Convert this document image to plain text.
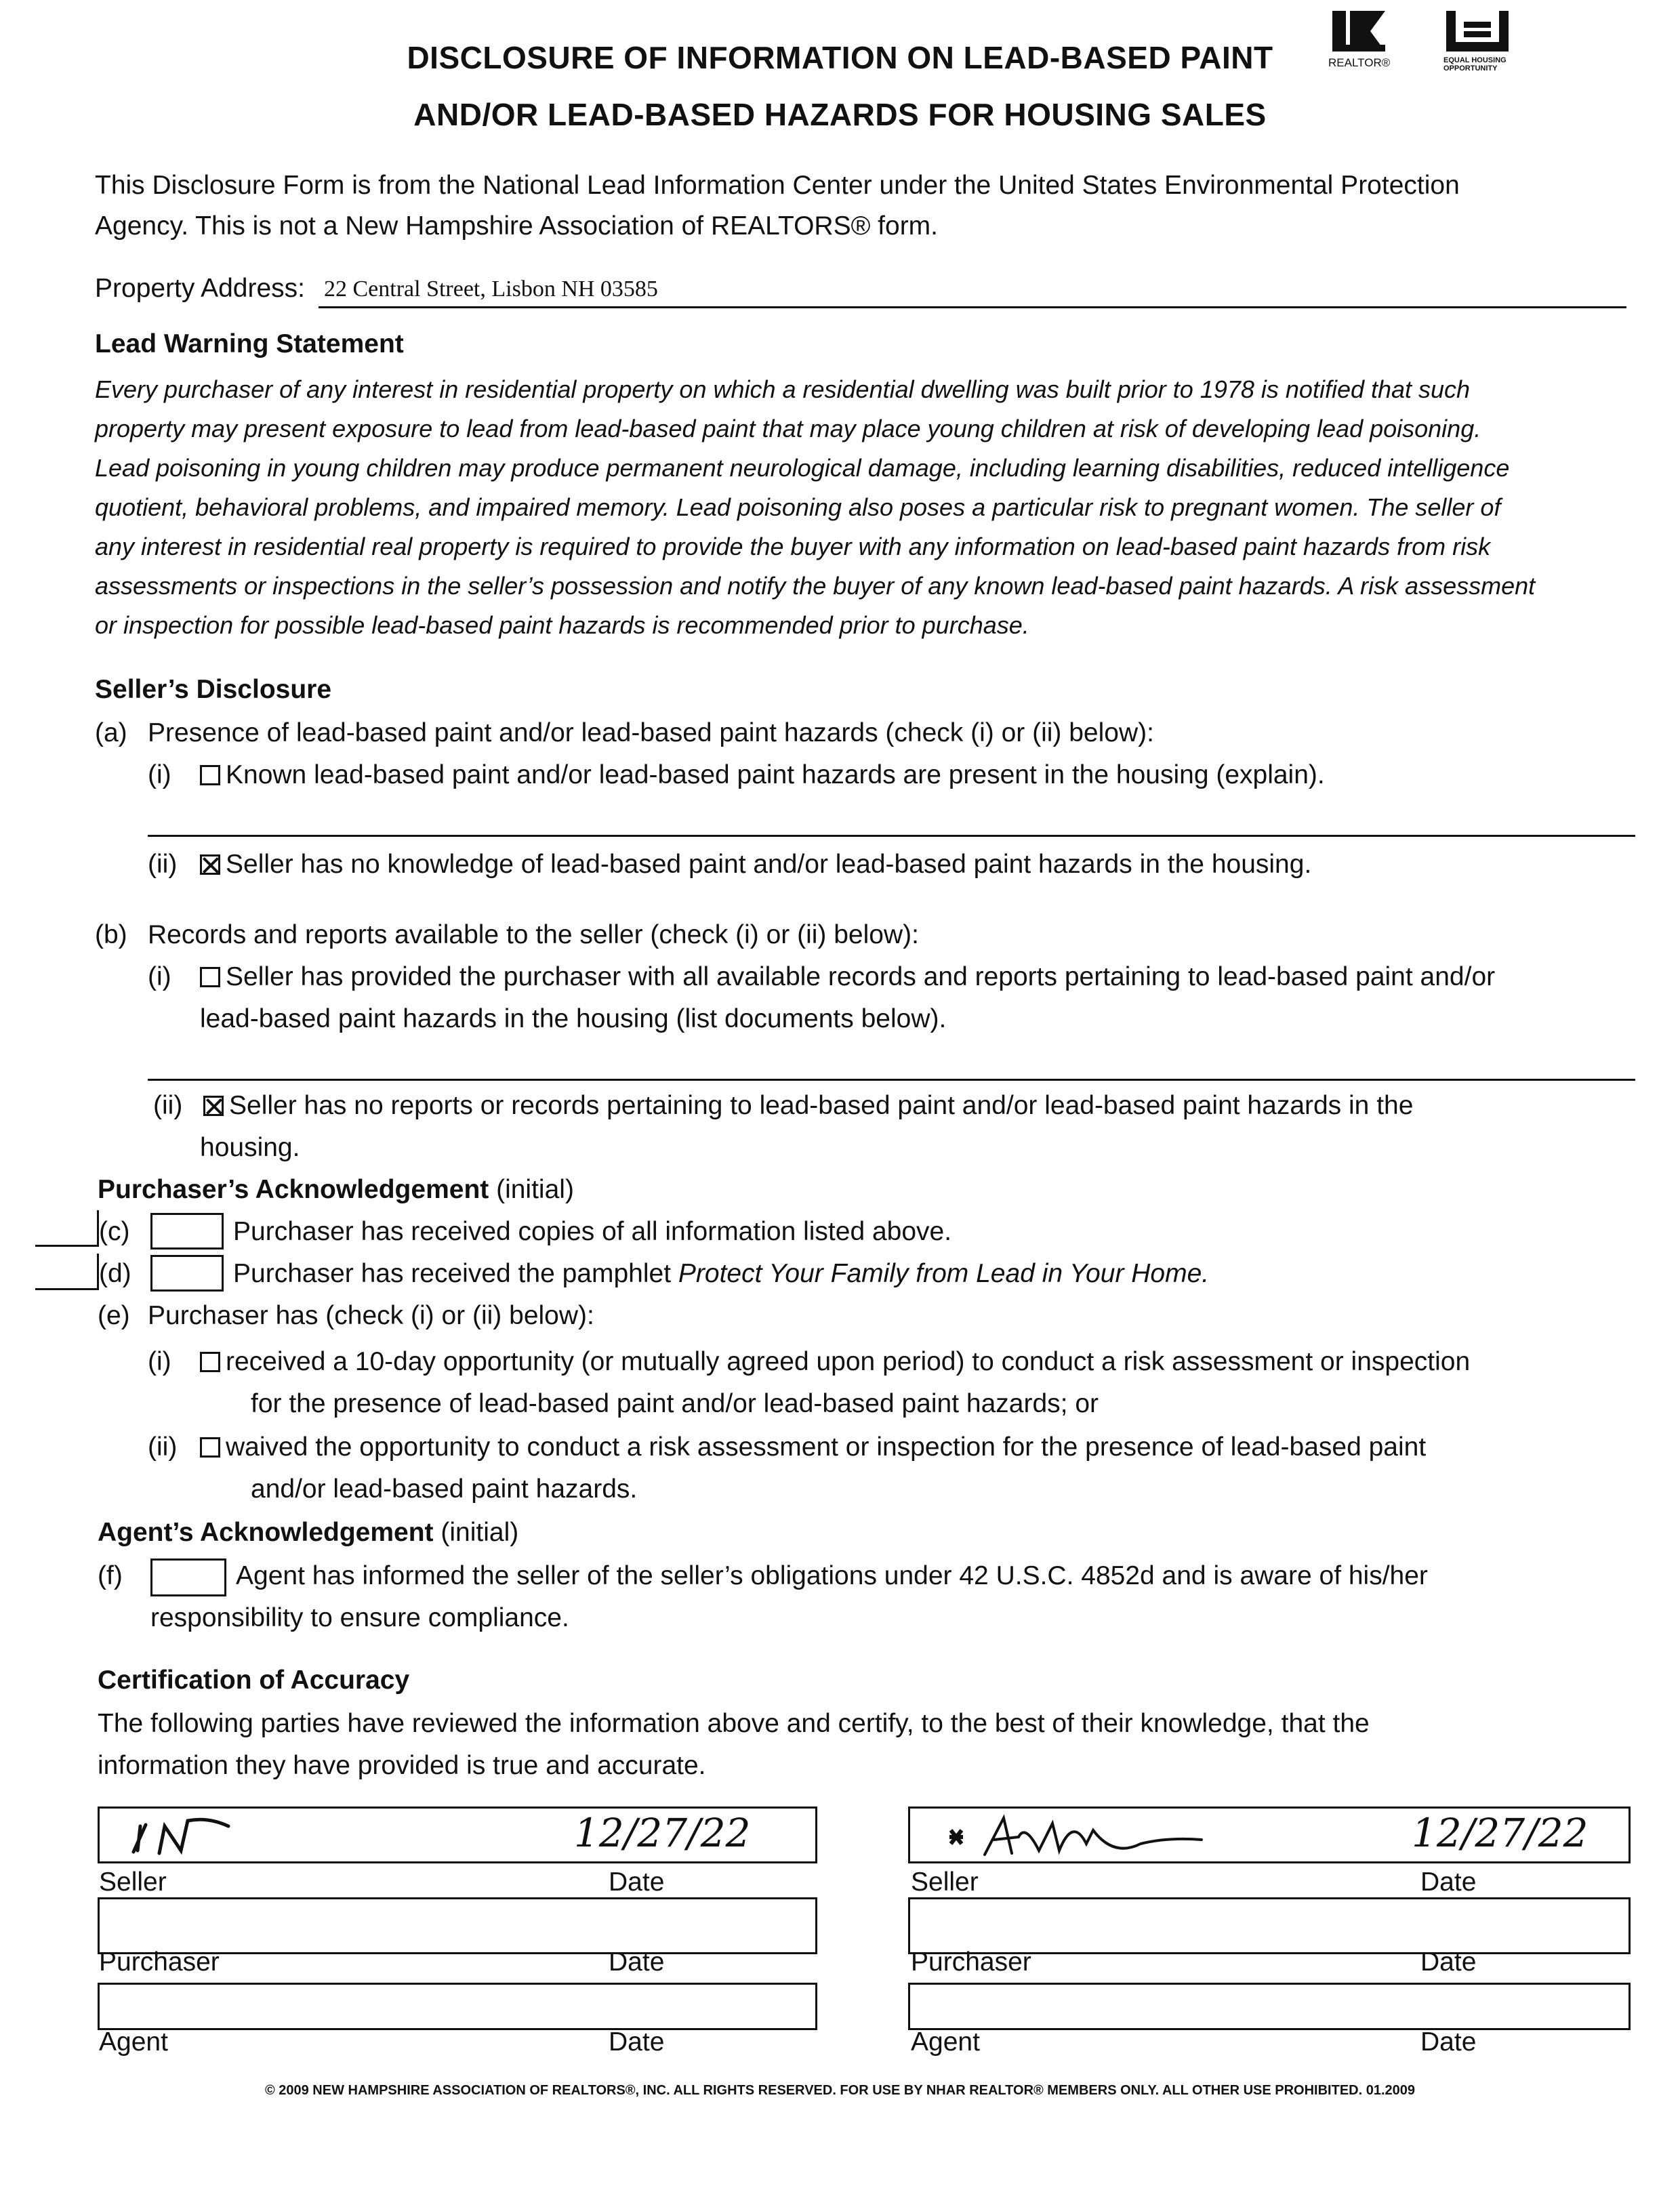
REALTOR®	EQUAL HOUSING OPPORTUNITY
DISCLOSURE OF INFORMATION ON LEAD-BASED PAINT
AND/OR LEAD-BASED HAZARDS FOR HOUSING SALES
This Disclosure Form is from the National Lead Information Center under the United States Environmental Protection
Agency. This is not a New Hampshire Association of REALTORS® form.
Property Address: 22 Central Street, Lisbon NH 03585
Lead Warning Statement
Every purchaser of any interest in residential property on which a residential dwelling was built prior to 1978 is notified that such
property may present exposure to lead from lead-based paint that may place young children at risk of developing lead poisoning.
Lead poisoning in young children may produce permanent neurological damage, including learning disabilities, reduced intelligence
quotient, behavioral problems, and impaired memory. Lead poisoning also poses a particular risk to pregnant women. The seller of
any interest in residential real property is required to provide the buyer with any information on lead-based paint hazards from risk
assessments or inspections in the seller’s possession and notify the buyer of any known lead-based paint hazards. A risk assessment
or inspection for possible lead-based paint hazards is recommended prior to purchase.
Seller’s Disclosure
(a) Presence of lead-based paint and/or lead-based paint hazards (check (i) or (ii) below):
(i)	Known lead-based paint and/or lead-based paint hazards are present in the housing (explain).
(ii)	Seller has no knowledge of lead-based paint and/or lead-based paint hazards in the housing.
(b) Records and reports available to the seller (check (i) or (ii) below):
(i)	Seller has provided the purchaser with all available records and reports pertaining to lead-based paint and/or
lead-based paint hazards in the housing (list documents below).
(ii)	Seller has no reports or records pertaining to lead-based paint and/or lead-based paint hazards in the
housing.
Purchaser’s Acknowledgement (initial)
(c)	Purchaser has received copies of all information listed above.
(d)	Purchaser has received the pamphlet Protect Your Family from Lead in Your Home.
(e) Purchaser has (check (i) or (ii) below):
(i)	received a 10-day opportunity (or mutually agreed upon period) to conduct a risk assessment or inspection
for the presence of lead-based paint and/or lead-based paint hazards; or
(ii)	waived the opportunity to conduct a risk assessment or inspection for the presence of lead-based paint
and/or lead-based paint hazards.
Agent’s Acknowledgement (initial)
(f)	Agent has informed the seller of the seller’s obligations under 42 U.S.C. 4852d and is aware of his/her
responsibility to ensure compliance.
Certification of Accuracy
The following parties have reviewed the information above and certify, to the best of their knowledge, that the
information they have provided is true and accurate.
12/27/22
Seller	Date
Purchaser	Date
Agent	Date
12/27/22
Seller	Date
Purchaser	Date
Agent	Date
© 2009 NEW HAMPSHIRE ASSOCIATION OF REALTORS®, INC. ALL RIGHTS RESERVED. FOR USE BY NHAR REALTOR® MEMBERS ONLY. ALL OTHER USE PROHIBITED. 01.2009
